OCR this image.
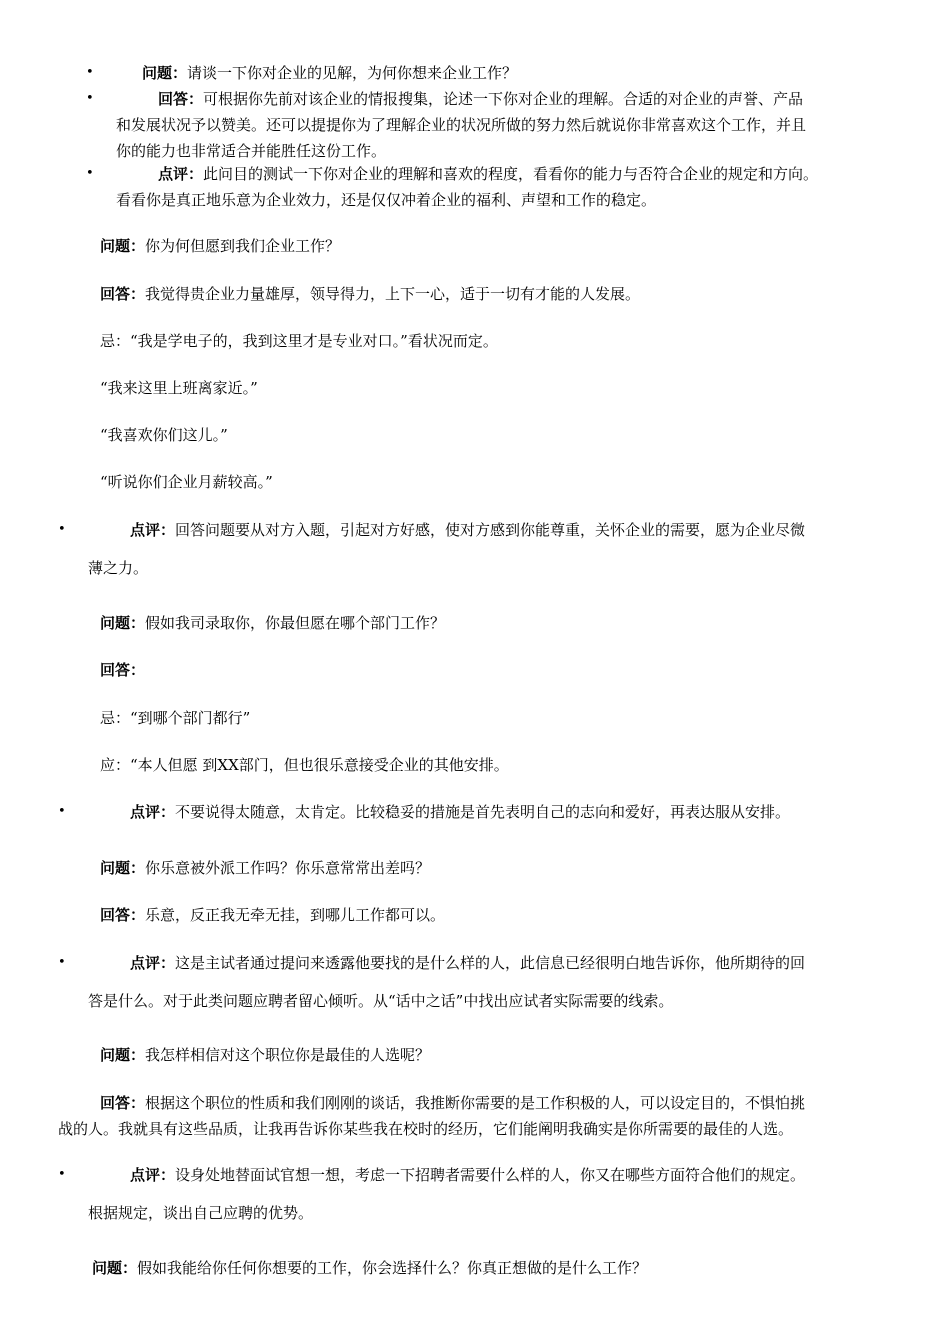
•	问题：请谈一下你对企业的见解，为何你想来企业工作？
•	回答：可根据你先前对该企业的情报搜集，论述一下你对企业的理解。合适的对企业的声誉、产品
和发展状况予以赞美。还可以提提你为了理解企业的状况所做的努力然后就说你非常喜欢这个工作，并且
你的能力也非常适合并能胜任这份工作。
•	点评：此问目的测试一下你对企业的理解和喜欢的程度，看看你的能力与否符合企业的规定和方向。
看看你是真正地乐意为企业效力，还是仅仅冲着企业的福利、声望和工作的稳定。
问题：你为何但愿到我们企业工作？
回答：我觉得贵企业力量雄厚，领导得力，上下一心，适于一切有才能的人发展。
忌：“我是学电子的，我到这里才是专业对口。”看状况而定。
“我来这里上班离家近。”
“我喜欢你们这儿。”
“听说你们企业月薪较高。”
•	点评：回答问题要从对方入题，引起对方好感，使对方感到你能尊重，关怀企业的需要，愿为企业尽微
薄之力。
问题：假如我司录取你，你最但愿在哪个部门工作？
回答：
忌：“到哪个部门都行”
应：“本人但愿 到XX部门，但也很乐意接受企业的其他安排。
•	点评：不要说得太随意，太肯定。比较稳妥的措施是首先表明自己的志向和爱好，再表达服从安排。
问题：你乐意被外派工作吗？你乐意常常出差吗？
回答：乐意，反正我无牵无挂，到哪儿工作都可以。
•	点评：这是主试者通过提问来透露他要找的是什么样的人，此信息已经很明白地告诉你，他所期待的回
答是什么。对于此类问题应聘者留心倾听。从“话中之话”中找出应试者实际需要的线索。
问题：我怎样相信对这个职位你是最佳的人选呢？
回答：根据这个职位的性质和我们刚刚的谈话，我推断你需要的是工作积极的人，可以设定目的，不惧怕挑
战的人。我就具有这些品质，让我再告诉你某些我在校时的经历，它们能阐明我确实是你所需要的最佳的人选。
•	点评：设身处地替面试官想一想，考虑一下招聘者需要什么样的人，你又在哪些方面符合他们的规定。
根据规定，谈出自己应聘的优势。
问题：假如我能给你任何你想要的工作，你会选择什么？你真正想做的是什么工作？
